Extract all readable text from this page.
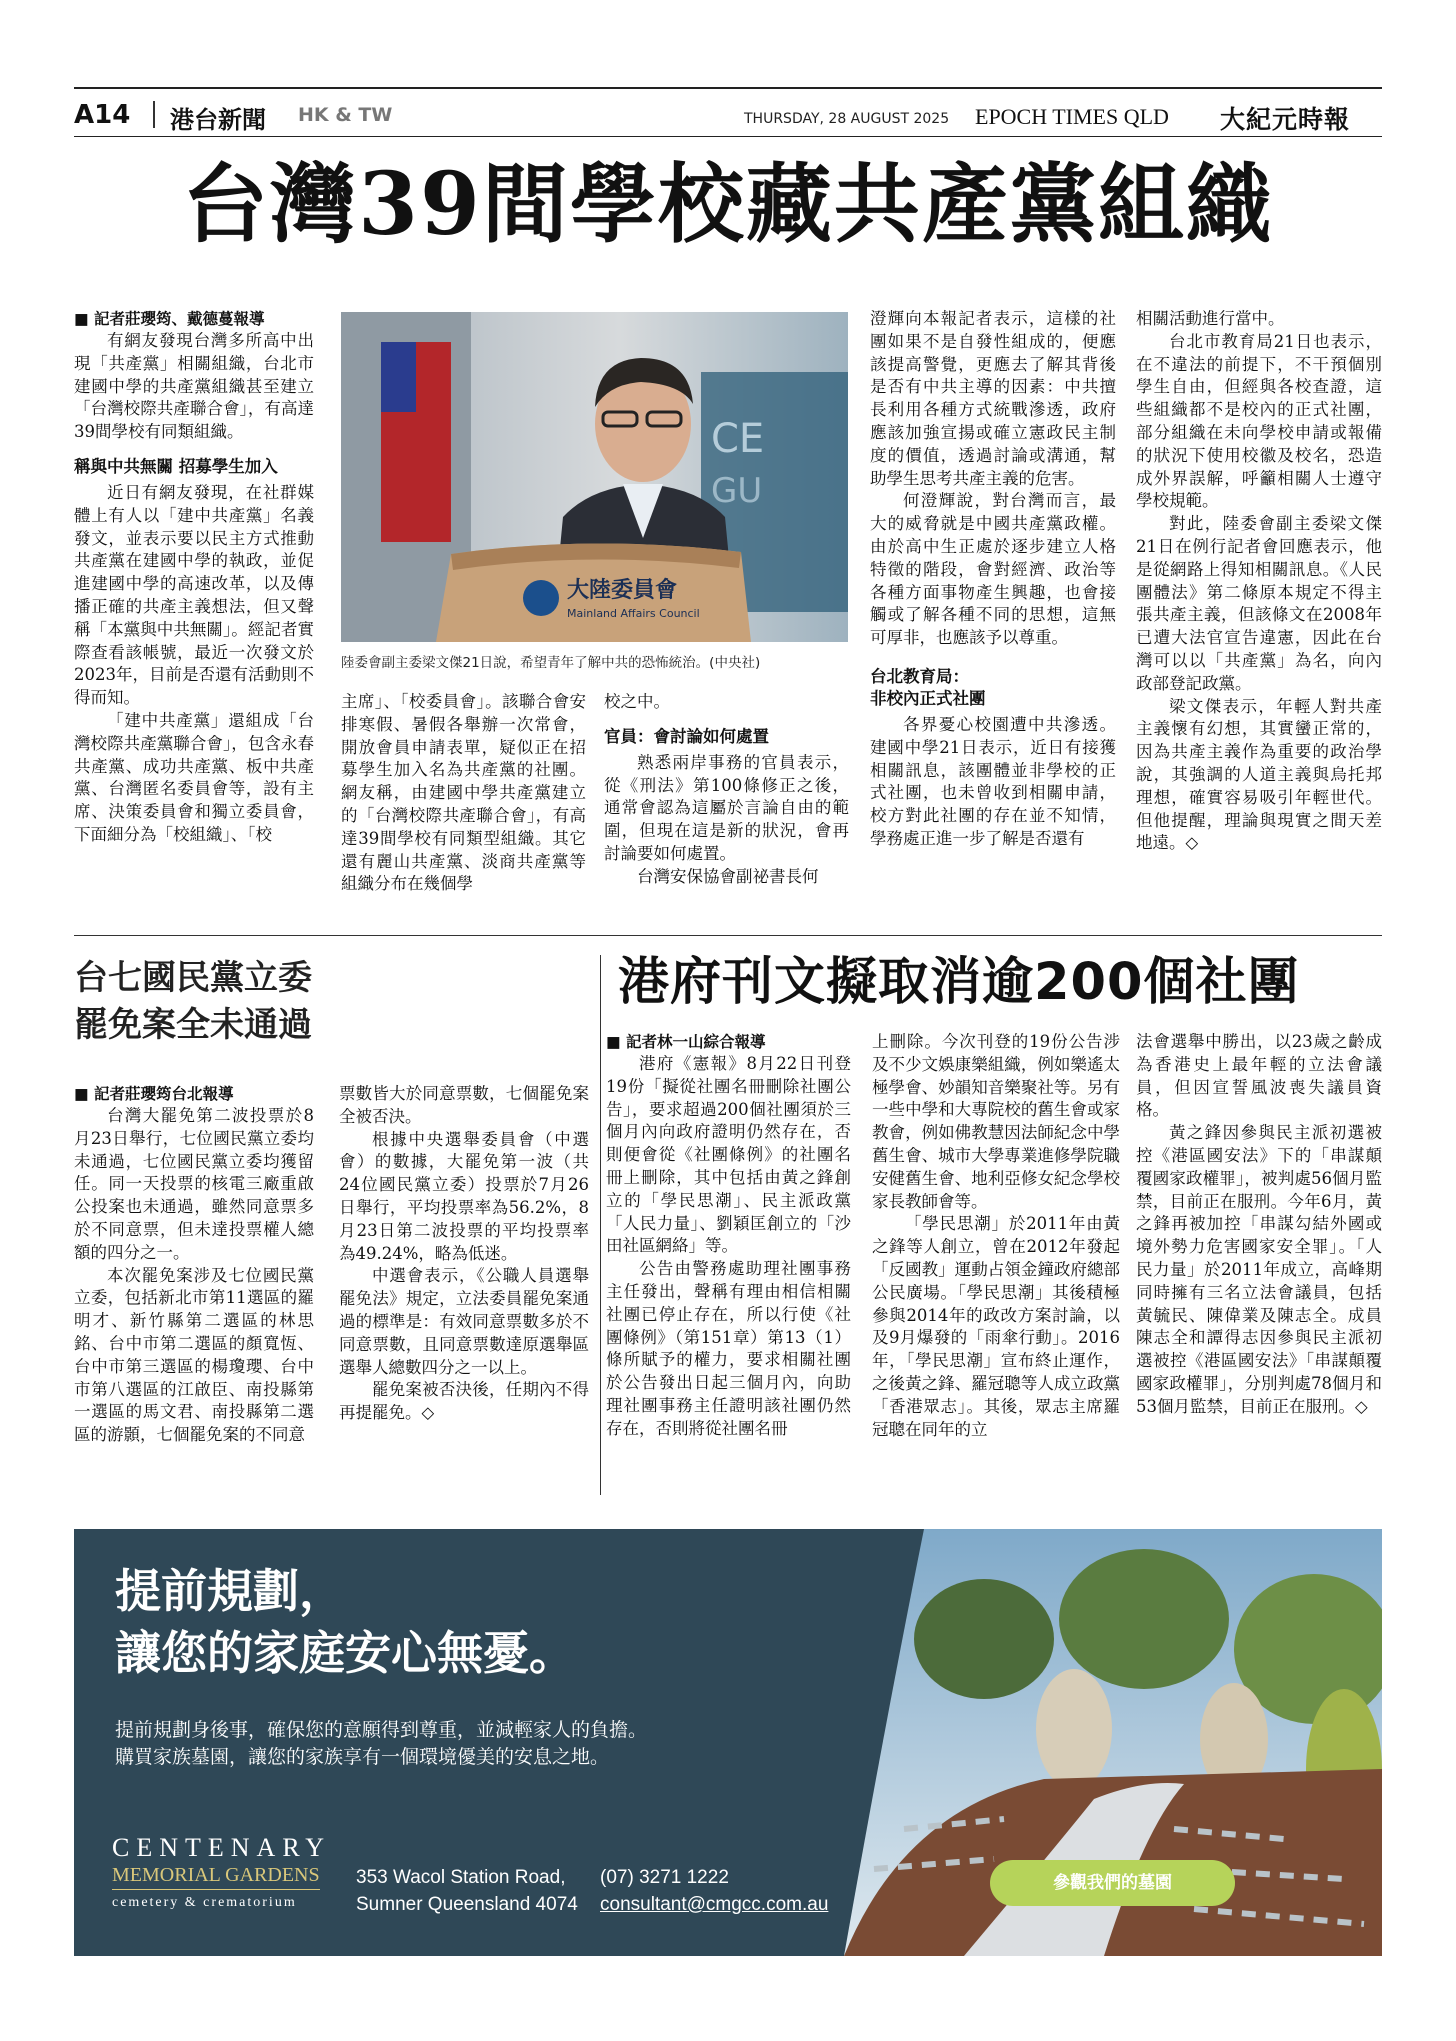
A14 港台新聞 HK & TW	THURSDAY, 28 AUGUST 2025 EPOCH TIMES QLD 大紀元時報
台灣39間學校藏共產黨組織
■ 記者莊瓔筠、戴德蔓報導

有網友發現台灣多所高中出現「共產黨」相關組織，台北市建國中學的共產黨組織甚至建立「台灣校際共產聯合會」，有高達39間學校有同類組織。

稱與中共無關 招募學生加入

近日有網友發現，在社群媒體上有人以「建中共產黨」名義發文，並表示要以民主方式推動共產黨在建國中學的執政，並促進建國中學的高速改革，以及傳播正確的共產主義想法，但又聲稱「本黨與中共無關」。經記者實際查看該帳號，最近一次發文於2023年，目前是否還有活動則不得而知。

「建中共產黨」還組成「台灣校際共產黨聯合會」，包含永春共產黨、成功共產黨、板中共產黨、台灣匿名委員會等，設有主席、決策委員會和獨立委員會，下面細分為「校組織」、「校

CE
GU
大陸委員會
Mainland Affairs Council
陸委會副主委梁文傑21日說，希望青年了解中共的恐怖統治。(中央社)

主席」、「校委員會」。該聯合會安排寒假、暑假各舉辦一次常會，開放會員申請表單，疑似正在招募學生加入名為共產黨的社團。網友稱，由建國中學共產黨建立的「台灣校際共產聯合會」，有高達39間學校有同類型組織。其它還有麗山共產黨、淡商共產黨等組織分布在幾個學

校之中。

官員：會討論如何處置

熟悉兩岸事務的官員表示，從《刑法》第100條修正之後，通常會認為這屬於言論自由的範圍，但現在這是新的狀況，會再討論要如何處置。

台灣安保協會副祕書長何

澄輝向本報記者表示，這樣的社團如果不是自發性組成的，便應該提高警覺，更應去了解其背後是否有中共主導的因素：中共擅長利用各種方式統戰滲透，政府應該加強宣揚或確立憲政民主制度的價值，透過討論或溝通，幫助學生思考共產主義的危害。

何澄輝說，對台灣而言，最大的威脅就是中國共產黨政權。由於高中生正處於逐步建立人格特徵的階段，會對經濟、政治等各種方面事物產生興趣，也會接觸或了解各種不同的思想，這無可厚非，也應該予以尊重。

台北教育局：
非校內正式社團

各界憂心校園遭中共滲透。建國中學21日表示，近日有接獲相關訊息，該團體並非學校的正式社團，也未曾收到相關申請，校方對此社團的存在並不知情，學務處正進一步了解是否還有

相關活動進行當中。

台北市教育局21日也表示，在不違法的前提下，不干預個別學生自由，但經與各校查證，這些組織都不是校內的正式社團，部分組織在未向學校申請或報備的狀況下使用校徽及校名，恐造成外界誤解，呼籲相關人士遵守學校規範。

對此，陸委會副主委梁文傑21日在例行記者會回應表示，他是從網路上得知相關訊息。《人民團體法》第二條原本規定不得主張共產主義，但該條文在2008年已遭大法官宣告違憲，因此在台灣可以以「共產黨」為名，向內政部登記政黨。

梁文傑表示，年輕人對共產主義懷有幻想，其實蠻正常的，因為共產主義作為重要的政治學說，其強調的人道主義與烏托邦理想，確實容易吸引年輕世代。但他提醒，理論與現實之間天差地遠。◇

台七國民黨立委
罷免案全未通過
■ 記者莊瓔筠台北報導

台灣大罷免第二波投票於8月23日舉行，七位國民黨立委均未通過，七位國民黨立委均獲留任。同一天投票的核電三廠重啟公投案也未通過，雖然同意票多於不同意票，但未達投票權人總額的四分之一。

本次罷免案涉及七位國民黨立委，包括新北市第11選區的羅明才、新竹縣第二選區的林思銘、台中市第二選區的顏寬恆、台中市第三選區的楊瓊瓔、台中市第八選區的江啟臣、南投縣第一選區的馬文君、南投縣第二選區的游顥，七個罷免案的不同意

票數皆大於同意票數，七個罷免案全被否決。

根據中央選舉委員會（中選會）的數據，大罷免第一波（共24位國民黨立委）投票於7月26日舉行，平均投票率為56.2%，8月23日第二波投票的平均投票率為49.24%，略為低迷。

中選會表示，《公職人員選舉罷免法》規定，立法委員罷免案通過的標準是：有效同意票數多於不同意票數，且同意票數達原選舉區選舉人總數四分之一以上。

罷免案被否決後，任期內不得再提罷免。◇

港府刊文擬取消逾200個社團
■ 記者林一山綜合報導

港府《憲報》8月22日刊登19份「擬從社團名冊刪除社團公告」，要求超過200個社團須於三個月內向政府證明仍然存在，否則便會從《社團條例》的社團名冊上刪除，其中包括由黃之鋒創立的「學民思潮」、民主派政黨「人民力量」、劉穎匡創立的「沙田社區網絡」等。

公告由警務處助理社團事務主任發出，聲稱有理由相信相關社團已停止存在，所以行使《社團條例》（第151章）第13（1）條所賦予的權力，要求相關社團於公告發出日起三個月內，向助理社團事務主任證明該社團仍然存在，否則將從社團名冊

上刪除。今次刊登的19份公告涉及不少文娛康樂組織，例如樂遙太極學會、妙韻知音樂聚社等。另有一些中學和大專院校的舊生會或家教會，例如佛教慧因法師紀念中學舊生會、城市大學專業進修學院職安健舊生會、地利亞修女紀念學校家長教師會等。

「學民思潮」於2011年由黃之鋒等人創立，曾在2012年發起「反國教」運動占領金鐘政府總部公民廣場。「學民思潮」其後積極參與2014年的政改方案討論，以及9月爆發的「雨傘行動」。2016年，「學民思潮」宣布終止運作，之後黃之鋒、羅冠聰等人成立政黨「香港眾志」。其後，眾志主席羅冠聰在同年的立

法會選舉中勝出，以23歲之齡成為香港史上最年輕的立法會議員，但因宣誓風波喪失議員資格。

黃之鋒因參與民主派初選被控《港區國安法》下的「串謀顛覆國家政權罪」，被判處56個月監禁，目前正在服刑。今年6月，黃之鋒再被加控「串謀勾結外國或境外勢力危害國家安全罪」。「人民力量」於2011年成立，高峰期同時擁有三名立法會議員，包括黃毓民、陳偉業及陳志全。成員陳志全和譚得志因參與民主派初選被控《港區國安法》「串謀顛覆國家政權罪」，分別判處78個月和53個月監禁，目前正在服刑。◇

提前規劃，
讓您的家庭安心無憂。
提前規劃身後事，確保您的意願得到尊重，並減輕家人的負擔。
購買家族墓園，讓您的家族享有一個環境優美的安息之地。
CENTENARY
MEMORIAL GARDENS
cemetery & crematorium
353 Wacol Station Road,
Sumner Queensland 4074
(07) 3271 1222
consultant@cmgcc.com.au
參觀我們的墓園
